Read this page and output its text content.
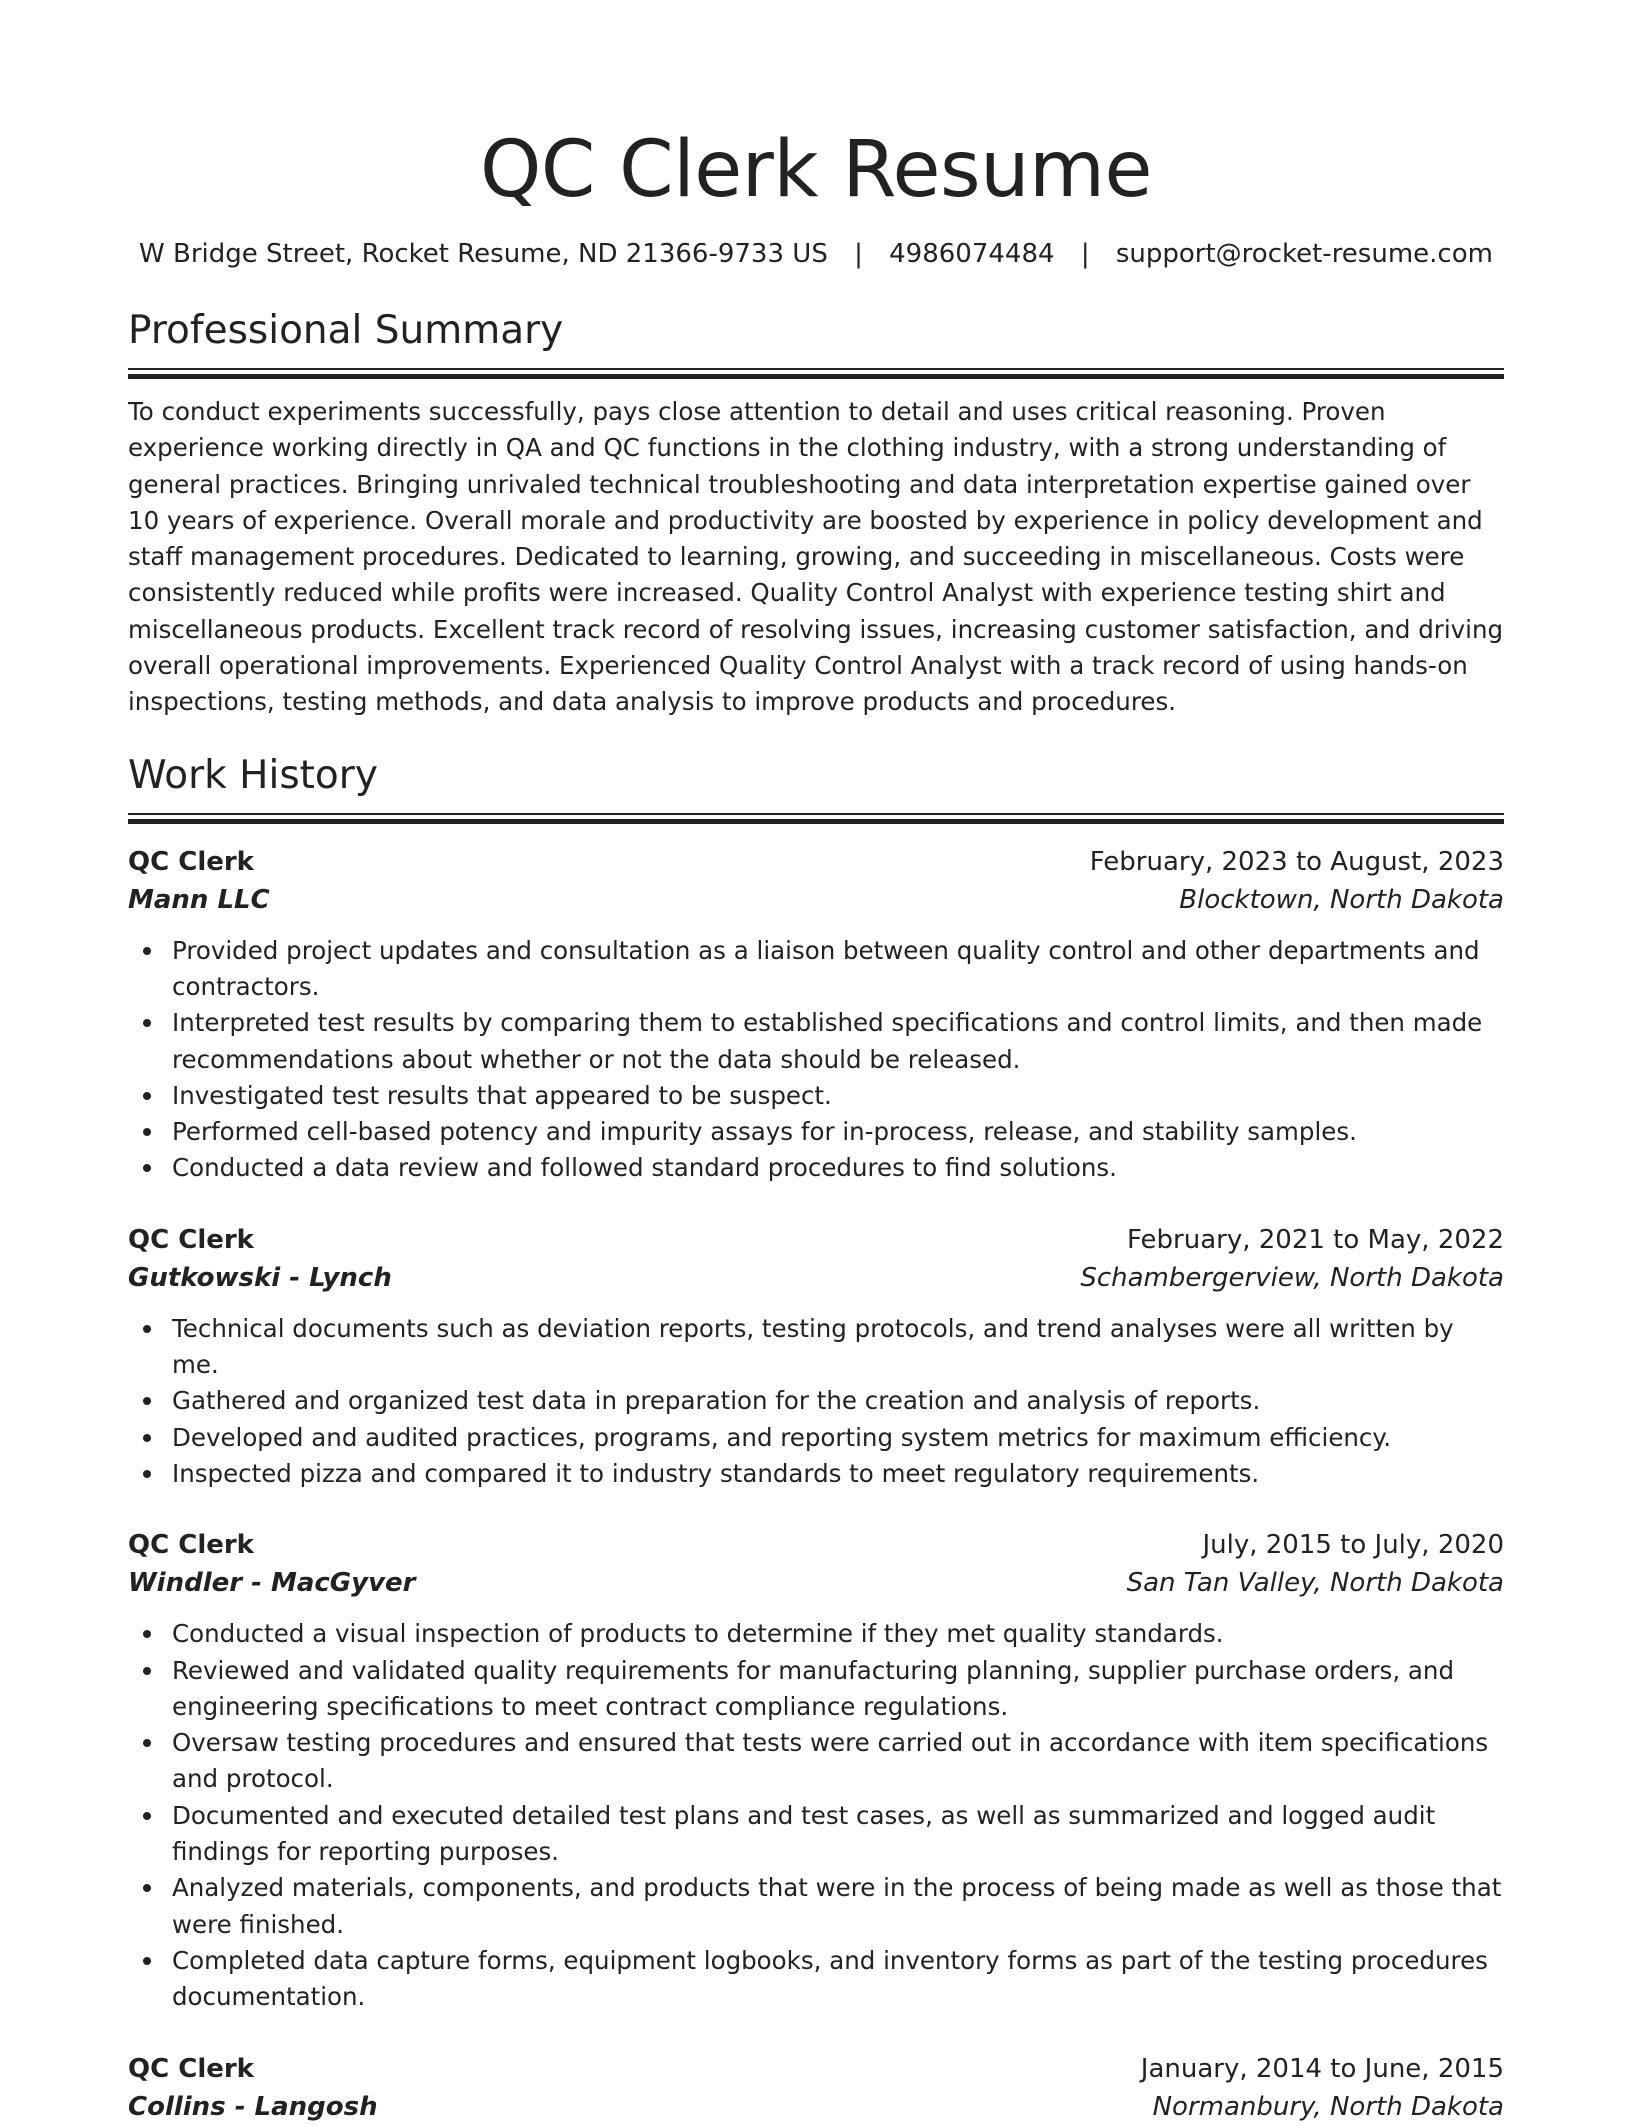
QC Clerk Resume
W Bridge Street, Rocket Resume, ND 21366-9733 US | 4986074484 | support@rocket-resume.com
Professional Summary

To conduct experiments successfully, pays close attention to detail and uses critical reasoning. Proven experience working directly in QA and QC functions in the clothing industry, with a strong understanding of general practices. Bringing unrivaled technical troubleshooting and data interpretation expertise gained over 10 years of experience. Overall morale and productivity are boosted by experience in policy development and staff management procedures. Dedicated to learning, growing, and succeeding in miscellaneous. Costs were consistently reduced while profits were increased. Quality Control Analyst with experience testing shirt and miscellaneous products. Excellent track record of resolving issues, increasing customer satisfaction, and driving overall operational improvements. Experienced Quality Control Analyst with a track record of using hands-on inspections, testing methods, and data analysis to improve products and procedures.

Work History
QC Clerk	February, 2023 to August, 2023
Mann LLC	Blocktown, North Dakota
Provided project updates and consultation as a liaison between quality control and other departments and contractors.
Interpreted test results by comparing them to established specifications and control limits, and then made recommendations about whether or not the data should be released.
Investigated test results that appeared to be suspect.
Performed cell-based potency and impurity assays for in-process, release, and stability samples.
Conducted a data review and followed standard procedures to find solutions.
QC Clerk	February, 2021 to May, 2022
Gutkowski - Lynch	Schambergerview, North Dakota
Technical documents such as deviation reports, testing protocols, and trend analyses were all written by me.
Gathered and organized test data in preparation for the creation and analysis of reports.
Developed and audited practices, programs, and reporting system metrics for maximum efficiency.
Inspected pizza and compared it to industry standards to meet regulatory requirements.
QC Clerk	July, 2015 to July, 2020
Windler - MacGyver	San Tan Valley, North Dakota
Conducted a visual inspection of products to determine if they met quality standards.
Reviewed and validated quality requirements for manufacturing planning, supplier purchase orders, and engineering specifications to meet contract compliance regulations.
Oversaw testing procedures and ensured that tests were carried out in accordance with item specifications and protocol.
Documented and executed detailed test plans and test cases, as well as summarized and logged audit findings for reporting purposes.
Analyzed materials, components, and products that were in the process of being made as well as those that were finished.
Completed data capture forms, equipment logbooks, and inventory forms as part of the testing procedures documentation.
QC Clerk	January, 2014 to June, 2015
Collins - Langosh	Normanbury, North Dakota
